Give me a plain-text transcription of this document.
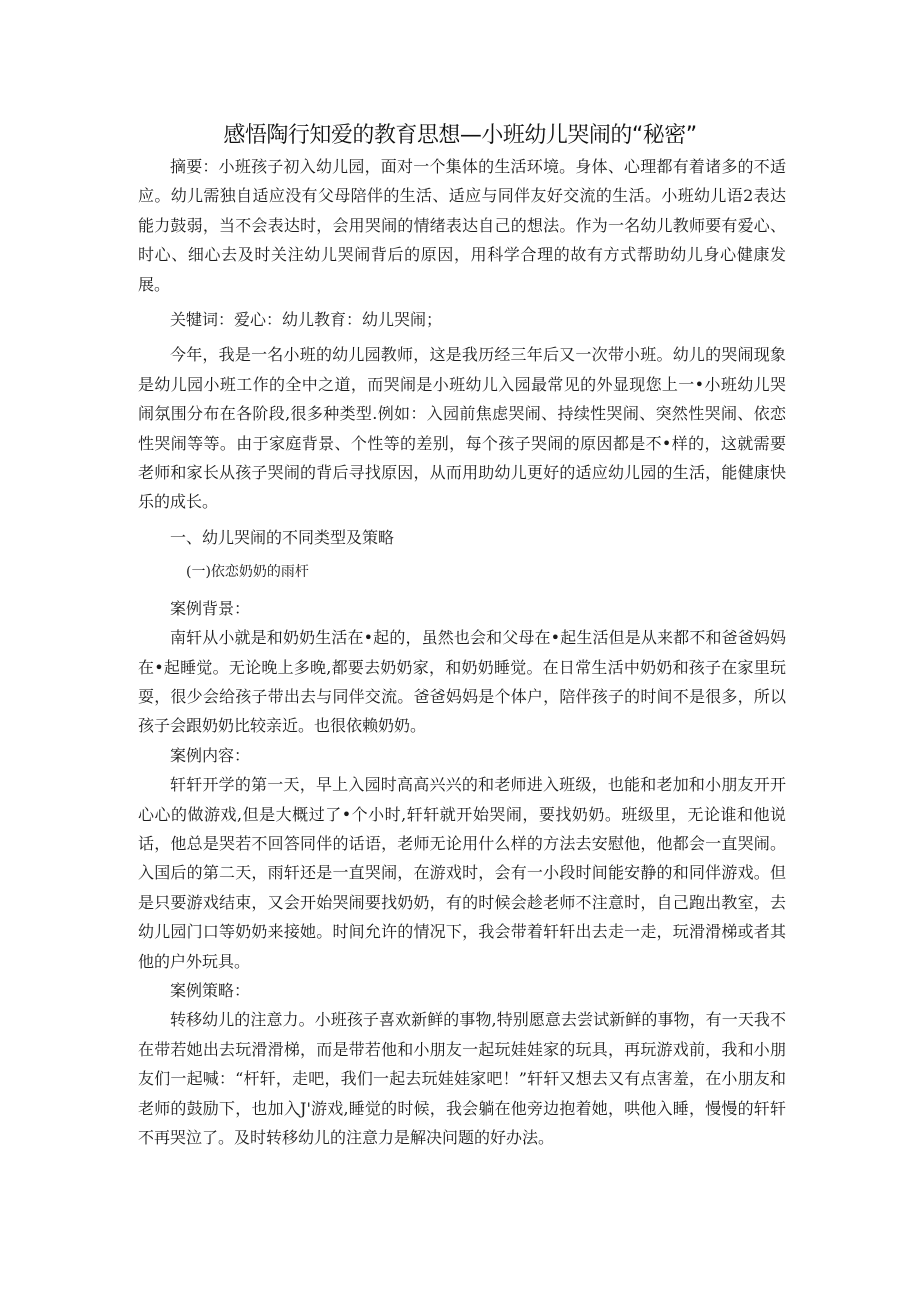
感悟陶行知爱的教育思想—小班幼儿哭闹的“秘密”

摘要：小班孩子初入幼儿园，面对一个集体的生活环境。身体、心理都有着诸多的不适应。幼儿需独自适应没有父母陪伴的生活、适应与同伴友好交流的生活。小班幼儿语2表达能力鼓弱，当不会表达时，会用哭闹的情绪表达自己的想法。作为一名幼儿教师要有爱心、时心、细心去及时关注幼儿哭闹背后的原因，用科学合理的故有方式帮助幼儿身心健康发展。

关犍词：爱心：幼儿教育：幼儿哭闹；

今年，我是一名小班的幼儿园教师，这是我历经三年后又一次带小班。幼儿的哭闹现象是幼儿园小班工作的全中之道，而哭闹是小班幼儿入园最常见的外显现您上一•小班幼儿哭闹氛围分布在各阶段,很多种类型.例如：入园前焦虑哭闹、持续性哭闹、突然性哭闹、依恋性哭闹等等。由于家庭背景、个性等的差别，每个孩子哭闹的原因都是不•样的，这就需要老师和家长从孩子哭闹的背后寻找原因，从而用助幼儿更好的适应幼儿园的生活，能健康快乐的成长。

一、幼儿哭闹的不同类型及策略

(一)依恋奶奶的雨杆

案例背景：

南轩从小就是和奶奶生活在•起的，虽然也会和父母在•起生活但是从来都不和爸爸妈妈在•起睡觉。无论晚上多晚,都要去奶奶家，和奶奶睡觉。在日常生活中奶奶和孩子在家里玩耍，很少会给孩子带出去与同伴交流。爸爸妈妈是个体户，陪伴孩子的时间不是很多，所以孩子会跟奶奶比较亲近。也很依赖奶奶。

案例内容：

轩轩开学的第一天，早上入园时高高兴兴的和老师进入班级，也能和老加和小朋友开开心心的做游戏,但是大概过了•个小时,轩轩就开始哭闹，要找奶奶。班级里，无论谁和他说话，他总是哭若不回答同伴的话语，老师无论用什么样的方法去安慰他，他都会一直哭闹。入国后的第二天，雨轩还是一直哭闹，在游戏时，会有一小段时间能安静的和同伴游戏。但是只要游戏结束，又会开始哭闹要找奶奶，有的时候会趁老师不注意时，自己跑出教室，去幼儿园门口等奶奶来接她。时间允许的情况下，我会带着轩轩出去走一走，玩滑滑梯或者其他的户外玩具。

案例策略：

转移幼儿的注意力。小班孩子喜欢新鲜的事物,特别愿意去尝试新鲜的事物，有一天我不在带若她出去玩滑滑梯，而是带若他和小朋友一起玩娃娃家的玩具，再玩游戏前，我和小朋友们一起喊：“杆轩，走吧，我们一起去玩娃娃家吧！”轩轩又想去又有点害羞，在小朋友和老师的鼓励下，也加入J'游戏,睡觉的时候，我会躺在他旁边抱着她，哄他入睡，慢慢的轩轩不再哭泣了。及时转移幼儿的注意力是解决问题的好办法。
